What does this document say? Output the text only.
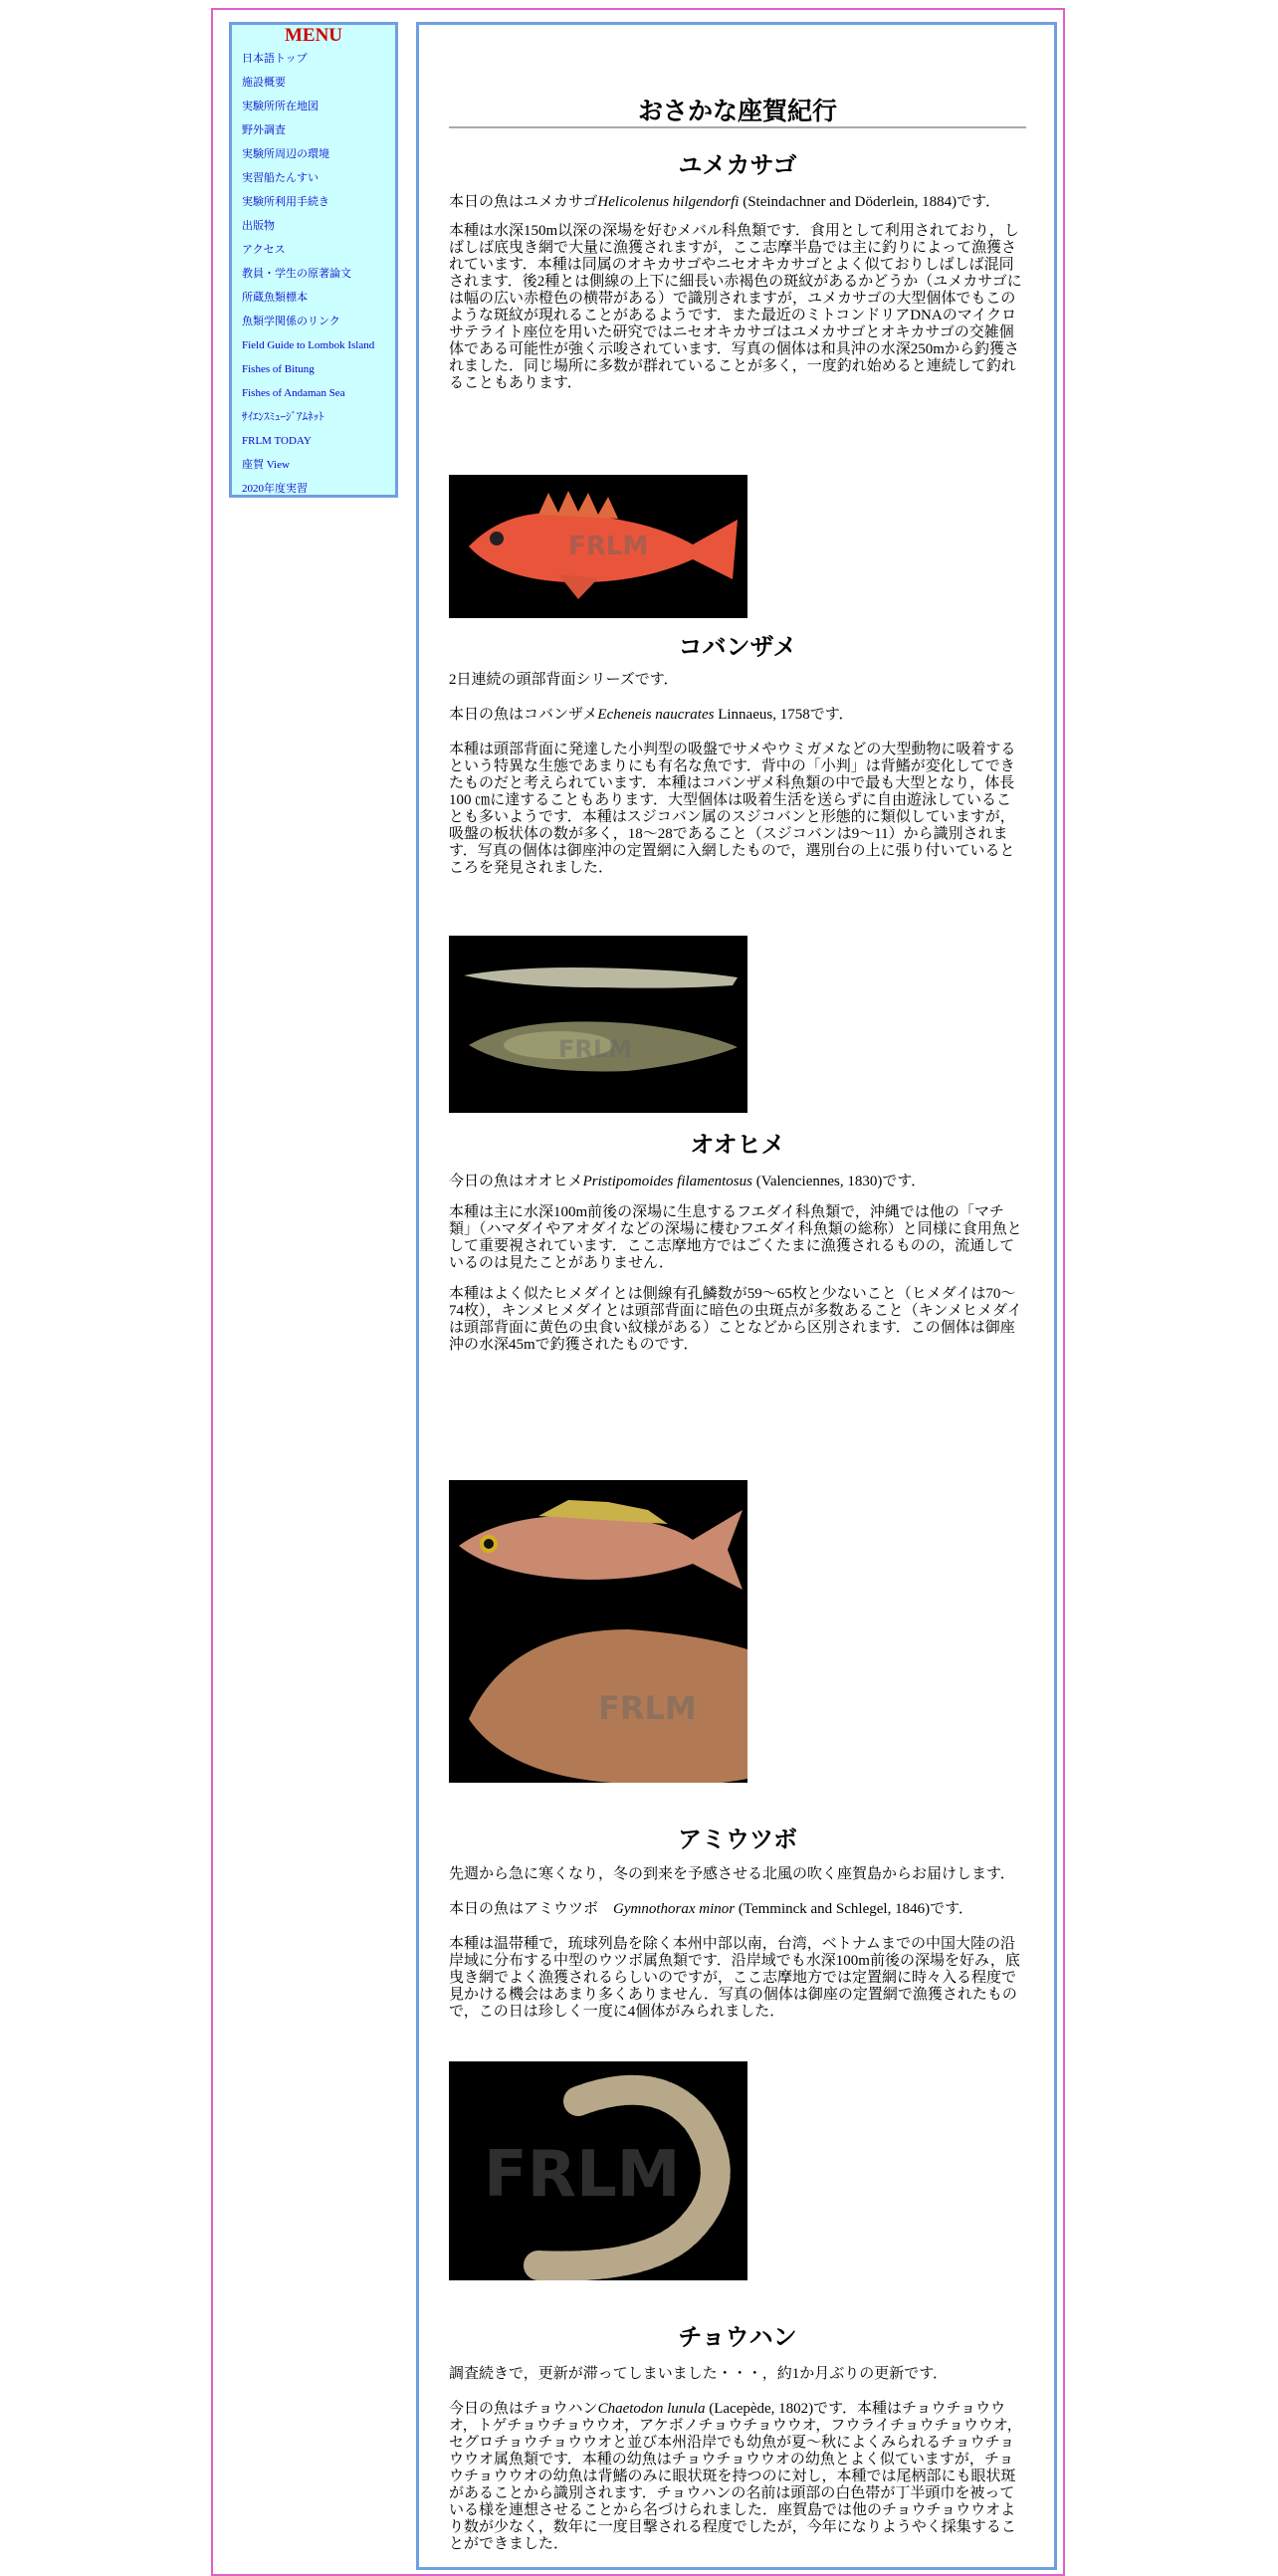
MENU
日本語トップ
施設概要
実験所所在地図
野外調査
実験所周辺の環境
実習船たんすい
実験所利用手続き
出版物
アクセス
教員・学生の原著論文
所蔵魚類標本
魚類学関係のリンク
Field Guide to Lombok Island
Fishes of Bitung
Fishes of Andaman Sea
ｻｲｴﾝｽﾐｭｰｼﾞｱﾑﾈｯﾄ
FRLM TODAY
座賀 View
2020年度実習
おさかな座賀紀行
ユメカサゴ

本日の魚はユメカサゴHelicolenus hilgendorfi (Steindachner and Döderlein, 1884)です．

本種は水深150m以深の深場を好むメバル科魚類です．食用として利用されており，しばしば底曳き網で大量に漁獲されますが，ここ志摩半島では主に釣りによって漁獲されています．本種は同属のオキカサゴやニセオキカサゴとよく似ておりしばしば混同されます．後2種とは側線の上下に細長い赤褐色の斑紋があるかどうか（ユメカサゴには幅の広い赤橙色の横帯がある）で識別されますが，ユメカサゴの大型個体でもこのような斑紋が現れることがあるようです．また最近のミトコンドリアDNAのマイクロサテライト座位を用いた研究ではニセオキカサゴはユメカサゴとオキカサゴの交雑個体である可能性が強く示唆されています．写真の個体は和具沖の水深250mから釣獲されました．同じ場所に多数が群れていることが多く，一度釣れ始めると連続して釣れることもあります．

FRLM
コバンザメ

2日連続の頭部背面シリーズです．

本日の魚はコバンザメEcheneis naucrates Linnaeus, 1758です．

本種は頭部背面に発達した小判型の吸盤でサメやウミガメなどの大型動物に吸着するという特異な生態であまりにも有名な魚です．背中の「小判」は背鰭が変化してできたものだと考えられています．本種はコバンザメ科魚類の中で最も大型となり，体長100 ㎝に達することもあります．大型個体は吸着生活を送らずに自由遊泳していることも多いようです．本種はスジコバン属のスジコバンと形態的に類似していますが，吸盤の板状体の数が多く，18～28であること（スジコバンは9～11）から識別されます．写真の個体は御座沖の定置網に入網したもので，選別台の上に張り付いているところを発見されました．

FRLM
オオヒメ

今日の魚はオオヒメPristipomoides filamentosus (Valenciennes, 1830)です．

本種は主に水深100m前後の深場に生息するフエダイ科魚類で，沖縄では他の「マチ類」（ハマダイやアオダイなどの深場に棲むフエダイ科魚類の総称）と同様に食用魚として重要視されています．ここ志摩地方ではごくたまに漁獲されるものの，流通しているのは見たことがありません．

本種はよく似たヒメダイとは側線有孔鱗数が59～65枚と少ないこと（ヒメダイは70～74枚），キンメヒメダイとは頭部背面に暗色の虫斑点が多数あること（キンメヒメダイは頭部背面に黄色の虫食い紋様がある）ことなどから区別されます．この個体は御座沖の水深45mで釣獲されたものです．

FRLM
アミウツボ

先週から急に寒くなり，冬の到来を予感させる北風の吹く座賀島からお届けします．

本日の魚はアミウツボ　Gymnothorax minor (Temminck and Schlegel, 1846)です．

本種は温帯種で，琉球列島を除く本州中部以南，台湾，ベトナムまでの中国大陸の沿岸域に分布する中型のウツボ属魚類です．沿岸域でも水深100m前後の深場を好み，底曳き網でよく漁獲されるらしいのですが，ここ志摩地方では定置網に時々入る程度で見かける機会はあまり多くありません．写真の個体は御座の定置網で漁獲されたもので，この日は珍しく一度に4個体がみられました．

FRLM
チョウハン

調査続きで，更新が滞ってしまいました・・・，約1か月ぶりの更新です．

今日の魚はチョウハンChaetodon lunula (Lacepède, 1802)です．本種はチョウチョウウオ，トゲチョウチョウウオ，アケボノチョウチョウウオ，フウライチョウチョウウオ，セグロチョウチョウウオと並び本州沿岸でも幼魚が夏～秋によくみられるチョウチョウウオ属魚類です．本種の幼魚はチョウチョウウオの幼魚とよく似ていますが，チョウチョウウオの幼魚は背鰭のみに眼状斑を持つのに対し，本種では尾柄部にも眼状斑があることから識別されます．チョウハンの名前は頭部の白色帯が丁半頭巾を被っている様を連想させることから名づけられました．座賀島では他のチョウチョウウオより数が少なく，数年に一度目撃される程度でしたが，今年になりようやく採集することができました．
